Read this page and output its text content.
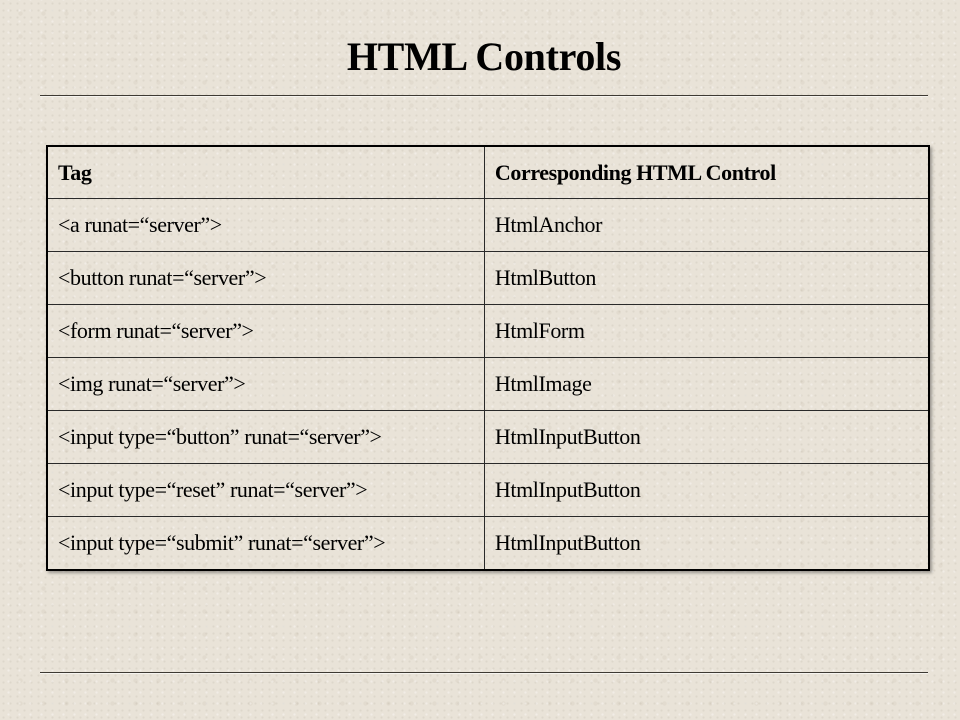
HTML Controls
Tag	Corresponding HTML Control
<a runat=“server”>	HtmlAnchor
<button runat=“server”>	HtmlButton
<form runat=“server”>	HtmlForm
<img runat=“server”>	HtmlImage
<input type=“button” runat=“server”>	HtmlInputButton
<input type=“reset” runat=“server”>	HtmlInputButton
<input type=“submit” runat=“server”>	HtmlInputButton
